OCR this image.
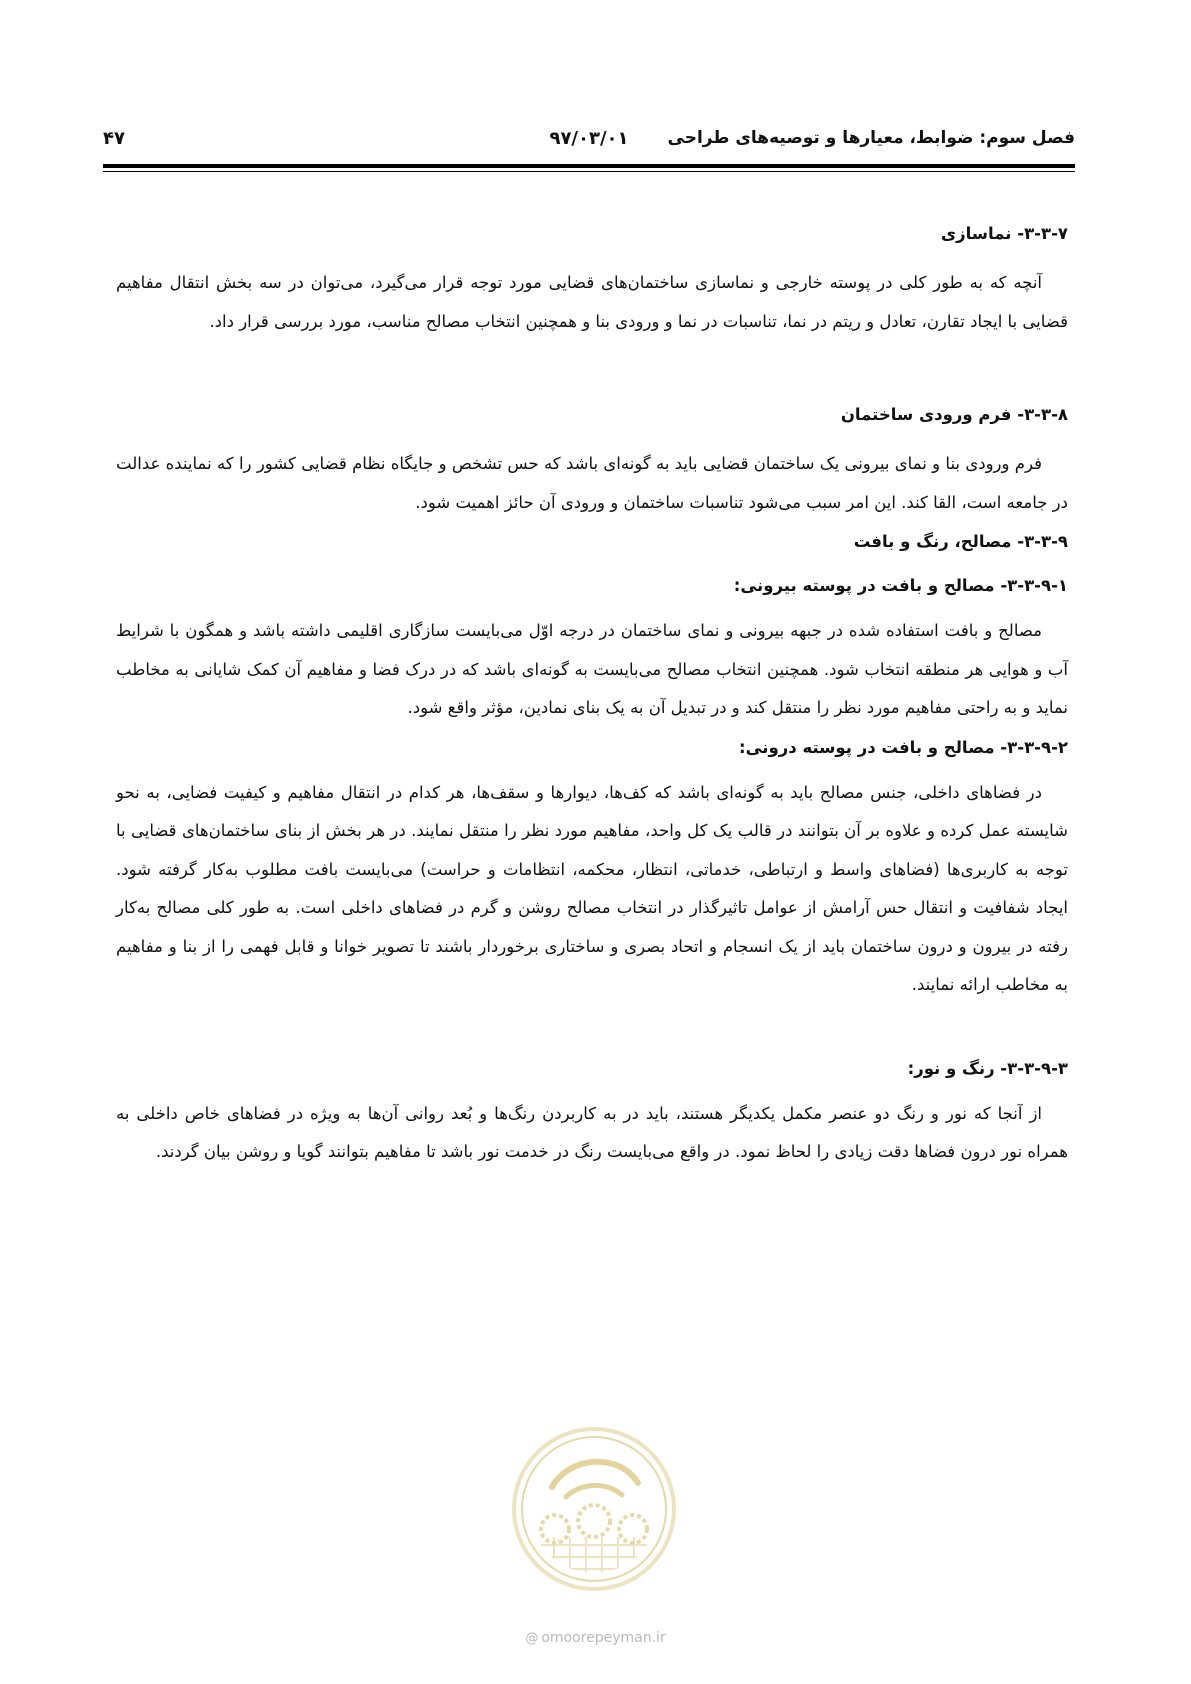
فصل سوم: ضوابط، معیارها و توصیه‌های طراحی
۹۷/۰۳/۰۱
۴۷
۳-۳-۷- نماسازی

آنچه که به طور کلی در پوسته خارجی و نماسازی ساختمان‌های قضایی مورد توجه قرار می‌گیرد، می‌توان در سه بخش انتقال مفاهیم قضایی با ایجاد تقارن، تعادل و ریتم در نما، تناسبات در نما و ورودی بنا و همچنین انتخاب مصالح مناسب، مورد بررسی قرار داد.

۳-۳-۸- فرم ورودی ساختمان

فرم ورودی بنا و نمای بیرونی یک ساختمان قضایی باید به گونه‌ای باشد که حس تشخص و جایگاه نظام قضایی کشور را که نماینده عدالت در جامعه است، القا کند. این امر سبب می‌شود تناسبات ساختمان و ورودی آن حائز اهمیت شود.

۳-۳-۹- مصالح، رنگ و بافت
۳-۳-۹-۱- مصالح و بافت در پوسته بیرونی:

مصالح و بافت استفاده شده در جبهه بیرونی و نمای ساختمان در درجه اوّل می‌بایست سازگاری اقلیمی داشته باشد و همگون با شرایط آب و هوایی هر منطقه انتخاب شود. همچنین انتخاب مصالح می‌بایست به گونه‌ای باشد که در درک فضا و مفاهیم آن کمک شایانی به مخاطب نماید و به راحتی مفاهیم مورد نظر را منتقل کند و در تبدیل آن به یک بنای نمادین، مؤثر واقع شود.

۳-۳-۹-۲- مصالح و بافت در پوسته درونی:

در فضاهای داخلی، جنس مصالح باید به گونه‌ای باشد که کف‌ها، دیوارها و سقف‌ها، هر کدام در انتقال مفاهیم و کیفیت فضایی، به نحو شایسته عمل کرده و علاوه بر آن بتوانند در قالب یک کل واحد، مفاهیم مورد نظر را منتقل نمایند. در هر بخش از بنای ساختمان‌های قضایی با توجه به کاربری‌ها (فضاهای واسط و ارتباطی، خدماتی، انتظار، محکمه، انتظامات و حراست) می‌بایست بافت مطلوب به‌کار گرفته شود. ایجاد شفافیت و انتقال حس آرامش از عوامل تاثیرگذار در انتخاب مصالح روشن و گرم در فضاهای داخلی است. به طور کلی مصالح به‌کار رفته در بیرون و درون ساختمان باید از یک انسجام و اتحاد بصری و ساختاری برخوردار باشند تا تصویر خوانا و قابل فهمی را از بنا و مفاهیم به مخاطب ارائه نمایند.

۳-۳-۹-۳- رنگ و نور:

از آنجا که نور و رنگ دو عنصر مکمل یکدیگر هستند، باید در به کاربردن رنگ‌ها و بُعد روانی آن‌ها به ویژه در فضاهای خاص داخلی به همراه نور درون فضاها دقت زیادی را لحاظ نمود. در واقع می‌بایست رنگ در خدمت نور باشد تا مفاهیم بتوانند گویا و روشن بیان گردند.

@ omoorepeyman.ir
